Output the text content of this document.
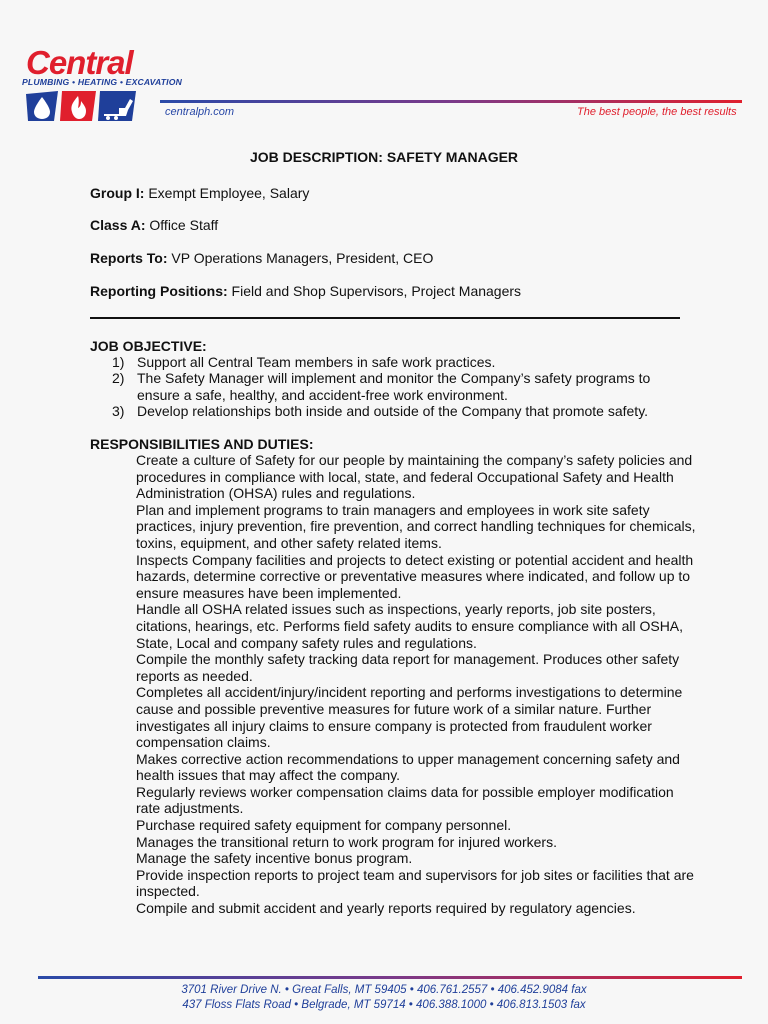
Central
PLUMBING • HEATING • EXCAVATION
centralph.com	The best people, the best results
JOB DESCRIPTION: SAFETY MANAGER
Group I: Exempt Employee, Salary
Class A: Office Staff
Reports To: VP Operations Managers, President, CEO
Reporting Positions: Field and Shop Supervisors, Project Managers
JOB OBJECTIVE:
1) Support all Central Team members in safe work practices.
2) The Safety Manager will implement and monitor the Company’s safety programs to ensure a safe, healthy, and accident-free work environment.
3) Develop relationships both inside and outside of the Company that promote safety.
RESPONSIBILITIES AND DUTIES:

Create a culture of Safety for our people by maintaining the company’s safety policies and procedures in compliance with local, state, and federal Occupational Safety and Health Administration (OHSA) rules and regulations.

Plan and implement programs to train managers and employees in work site safety practices, injury prevention, fire prevention, and correct handling techniques for chemicals, toxins, equipment, and other safety related items.

Inspects Company facilities and projects to detect existing or potential accident and health hazards, determine corrective or preventative measures where indicated, and follow up to ensure measures have been implemented.

Handle all OSHA related issues such as inspections, yearly reports, job site posters, citations, hearings, etc. Performs field safety audits to ensure compliance with all OSHA, State, Local and company safety rules and regulations.

Compile the monthly safety tracking data report for management. Produces other safety reports as needed.

Completes all accident/injury/incident reporting and performs investigations to determine cause and possible preventive measures for future work of a similar nature. Further investigates all injury claims to ensure company is protected from fraudulent worker compensation claims.

Makes corrective action recommendations to upper management concerning safety and health issues that may affect the company.

Regularly reviews worker compensation claims data for possible employer modification rate adjustments.

Purchase required safety equipment for company personnel.

Manages the transitional return to work program for injured workers.

Manage the safety incentive bonus program.

Provide inspection reports to project team and supervisors for job sites or facilities that are inspected.

Compile and submit accident and yearly reports required by regulatory agencies.

3701 River Drive N. • Great Falls, MT 59405 • 406.761.2557 • 406.452.9084 fax
437 Floss Flats Road • Belgrade, MT 59714 • 406.388.1000 • 406.813.1503 fax
